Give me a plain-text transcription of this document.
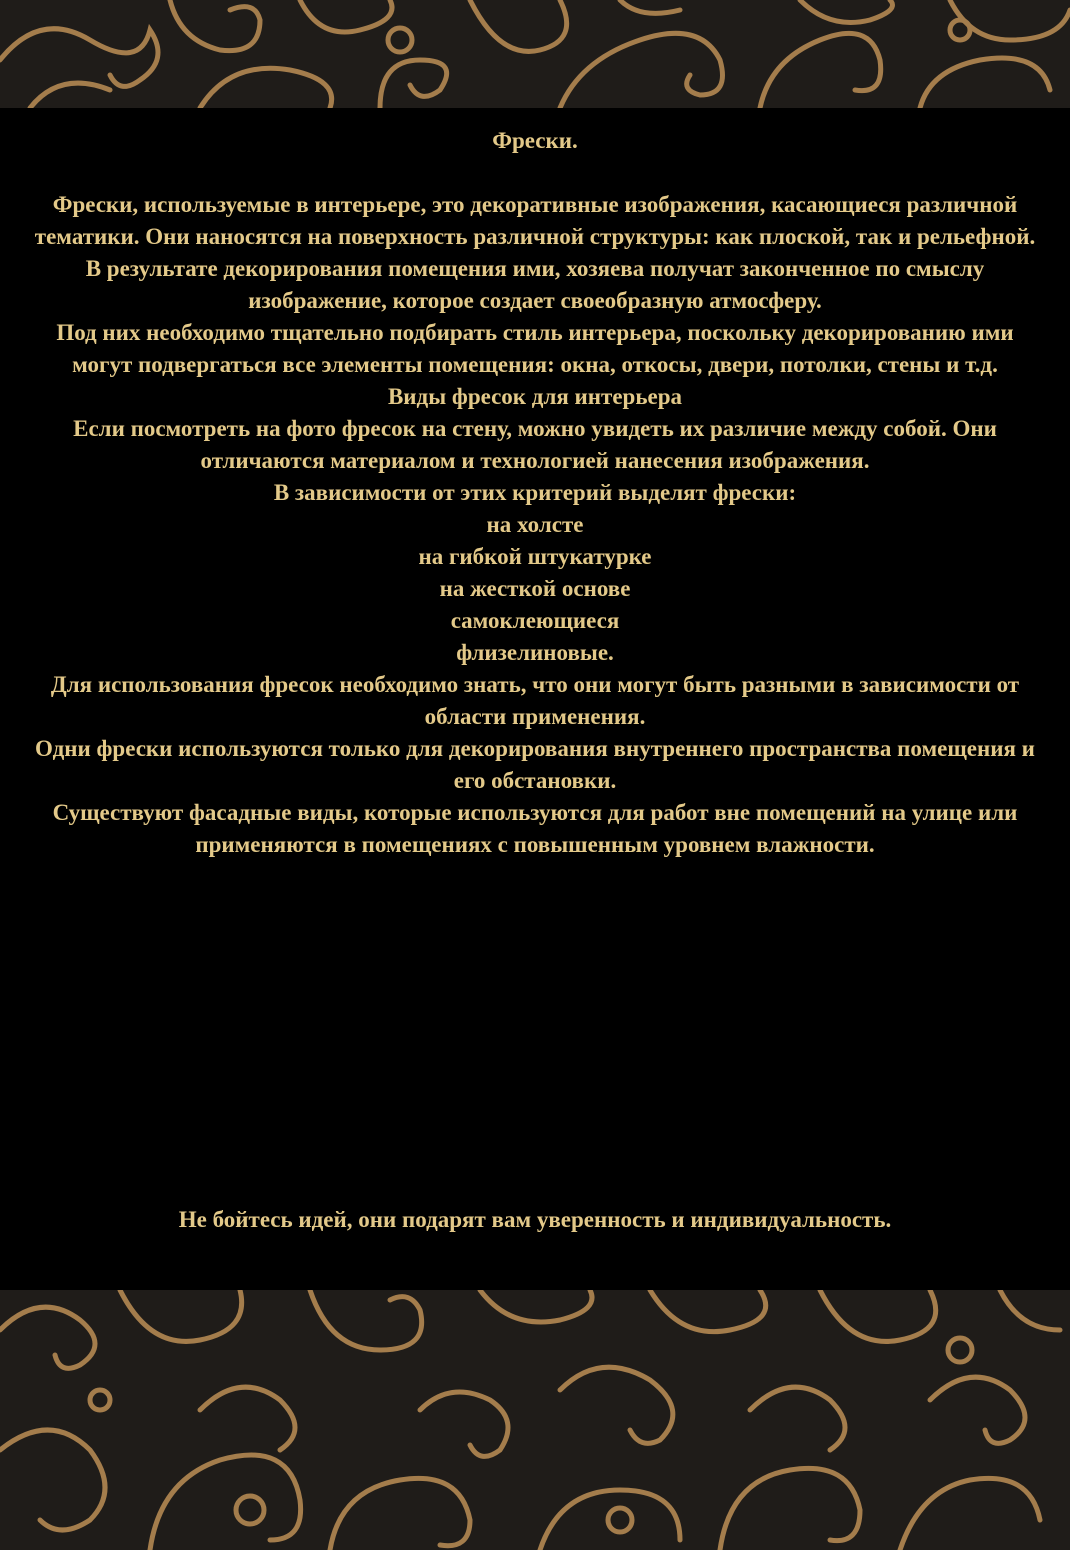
Фрески.

Фрески, используемые в интерьере, это декоративные изображения, касающиеся различной тематики. Они наносятся на поверхность различной структуры: как плоской, так и рельефной. В результате декорирования помещения ими, хозяева получат законченное по смыслу изображение, которое создает своеобразную атмосферу.

Под них необходимо тщательно подбирать стиль интерьера, поскольку декорированию ими могут подвергаться все элементы помещения: окна, откосы, двери, потолки, стены и т.д.

Виды фресок для интерьера

Если посмотреть на фото фресок на стену, можно увидеть их различие между собой. Они отличаются материалом и технологией нанесения изображения.

В зависимости от этих критерий выделят фрески:

на холсте

на гибкой штукатурке

на жесткой основе

самоклеющиеся

флизелиновые.

Для использования фресок необходимо знать, что они могут быть разными в зависимости от области применения.

Одни фрески используются только для декорирования внутреннего пространства помещения и его обстановки.

Существуют фасадные виды, которые используются для работ вне помещений на улице или применяются в помещениях с повышенным уровнем влажности.

Не бойтесь идей, они подарят вам уверенность и индивидуальность.
